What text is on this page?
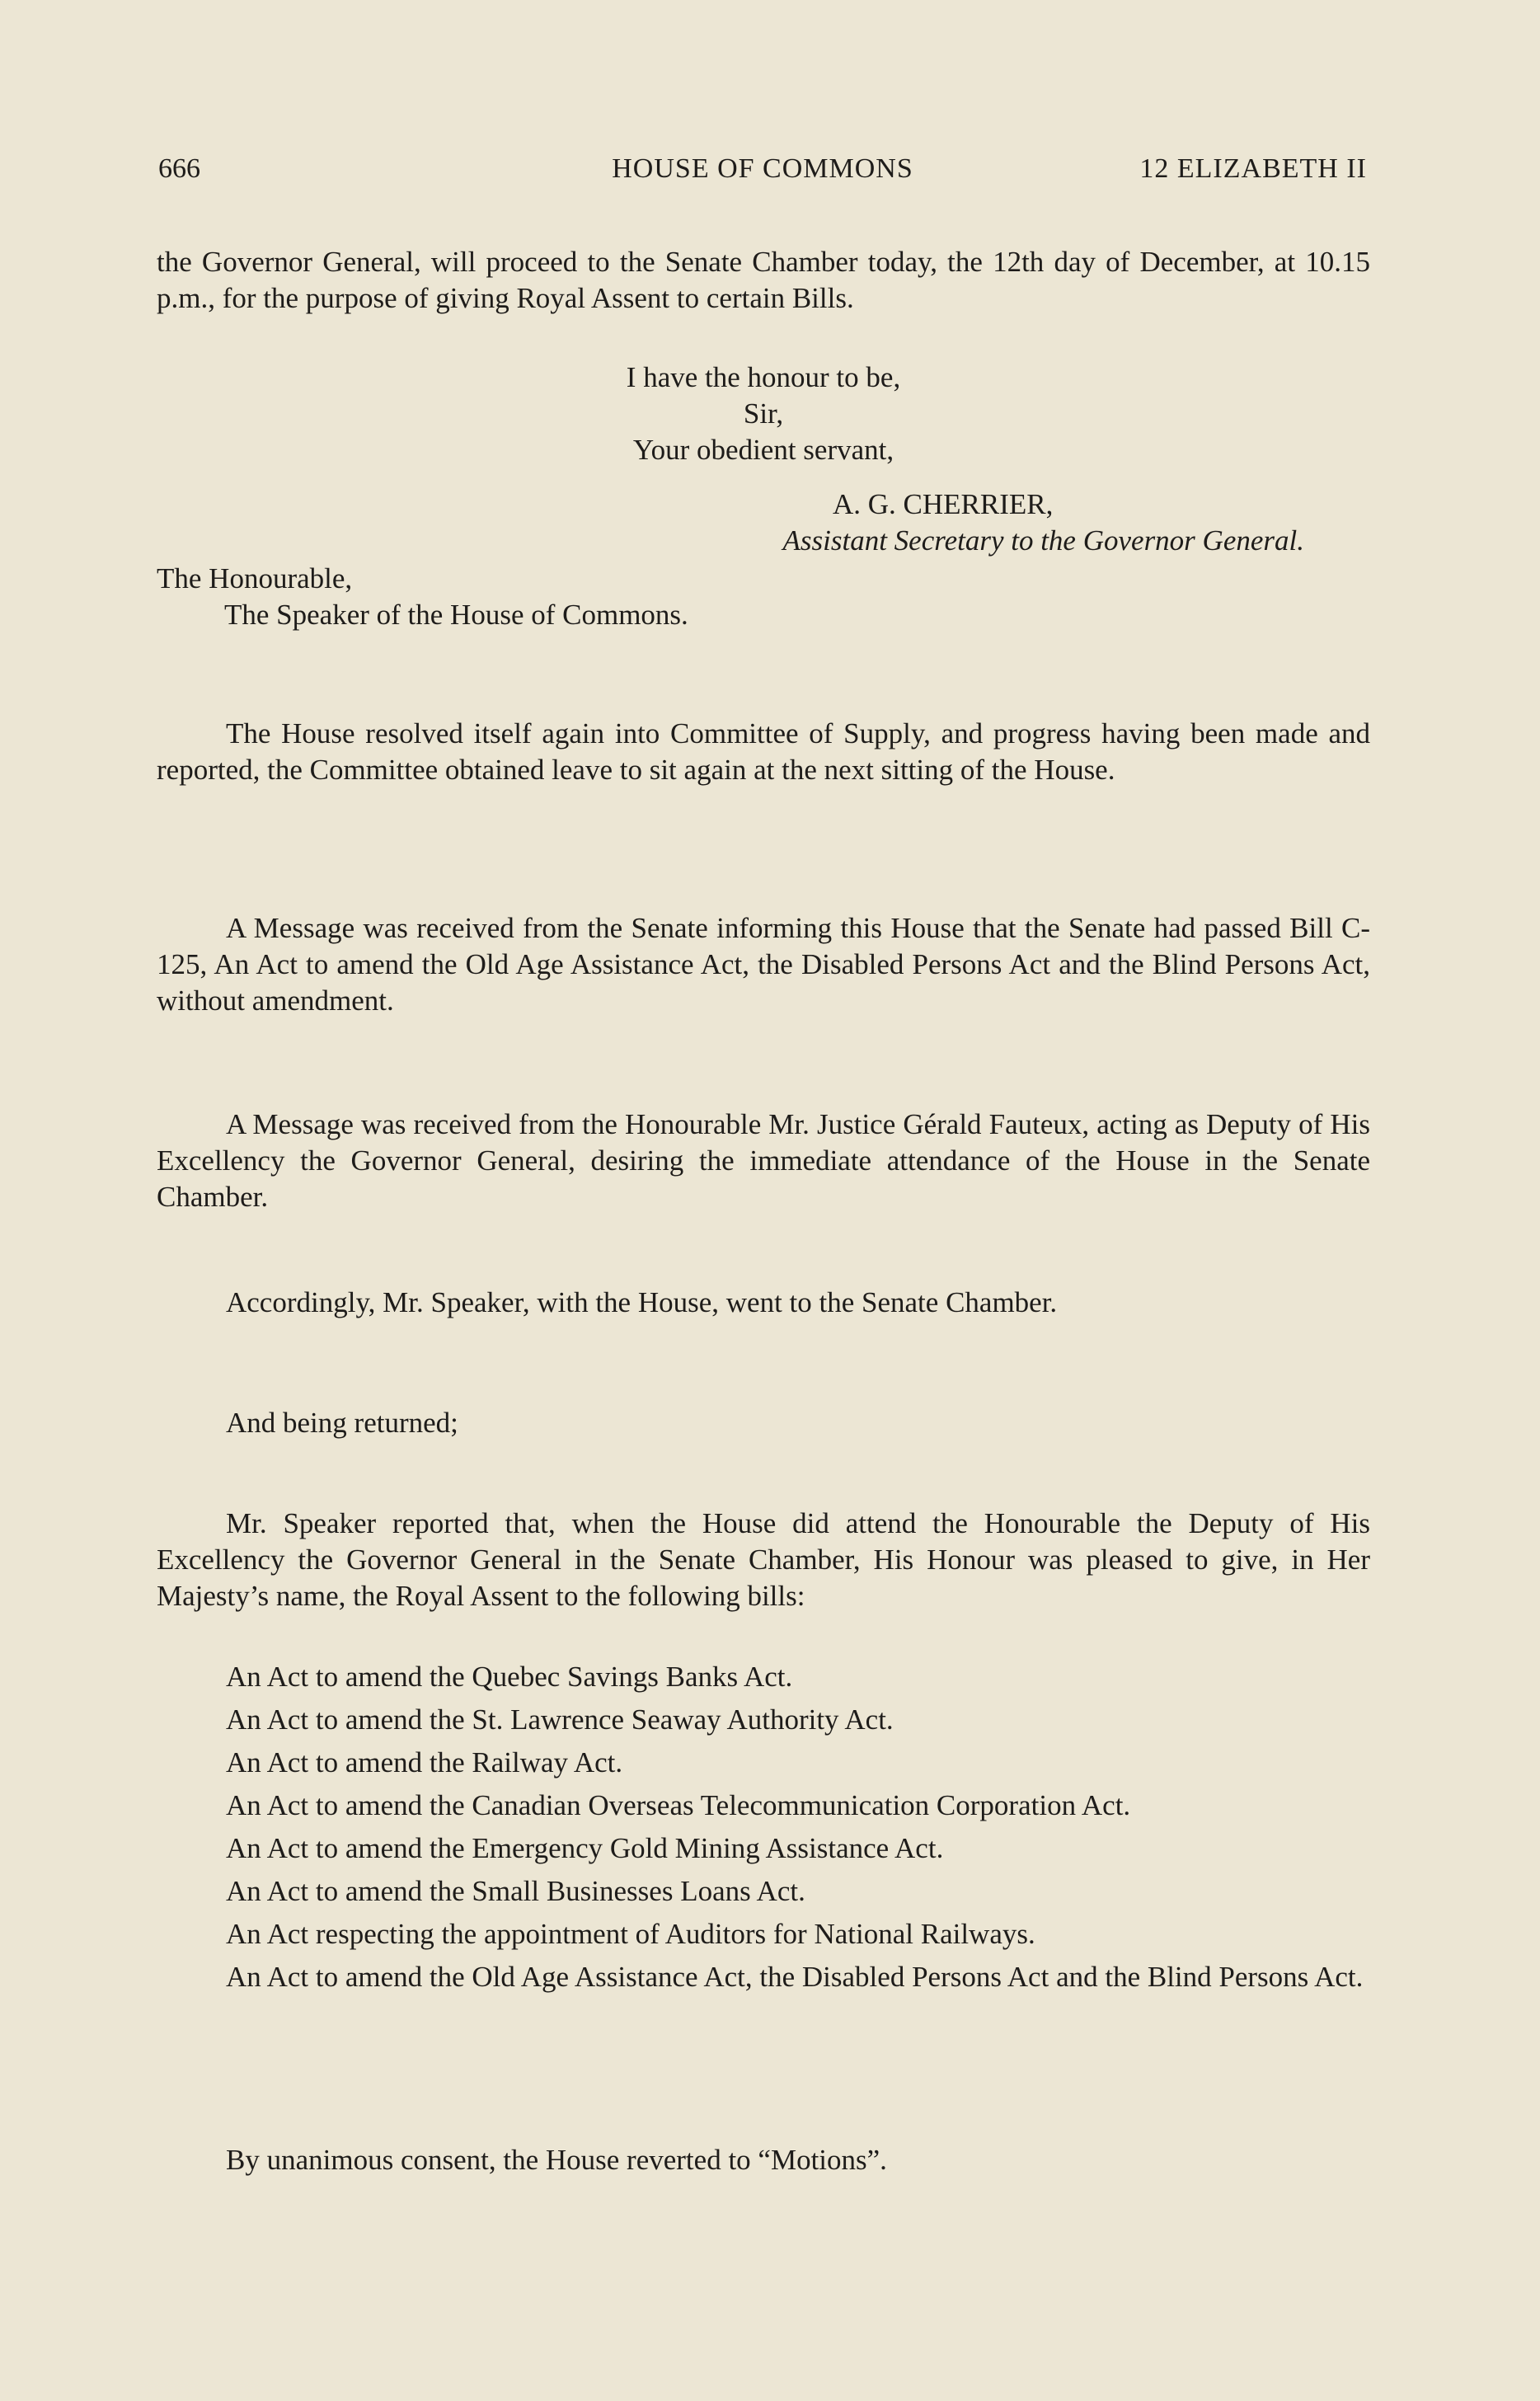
666	HOUSE OF COMMONS	12 ELIZABETH II

the Governor General, will proceed to the Senate Chamber today, the 12th day of December, at 10.15 p.m., for the purpose of giving Royal Assent to certain Bills.

I have the honour to be,

Sir,

Your obedient servant,

A. G. CHERRIER,

Assistant Secretary to the Governor General.

The Honourable,

The Speaker of the House of Commons.

The House resolved itself again into Committee of Supply, and progress having been made and reported, the Committee obtained leave to sit again at the next sitting of the House.

A Message was received from the Senate informing this House that the Senate had passed Bill C-125, An Act to amend the Old Age Assistance Act, the Disabled Persons Act and the Blind Persons Act, without amendment.

A Message was received from the Honourable Mr. Justice Gérald Fauteux, acting as Deputy of His Excellency the Governor General, desiring the immediate attendance of the House in the Senate Chamber.

Accordingly, Mr. Speaker, with the House, went to the Senate Chamber.

And being returned;

Mr. Speaker reported that, when the House did attend the Honourable the Deputy of His Excellency the Governor General in the Senate Chamber, His Honour was pleased to give, in Her Majesty’s name, the Royal Assent to the following bills:

An Act to amend the Quebec Savings Banks Act.

An Act to amend the St. Lawrence Seaway Authority Act.

An Act to amend the Railway Act.

An Act to amend the Canadian Overseas Telecommunication Corporation Act.

An Act to amend the Emergency Gold Mining Assistance Act.

An Act to amend the Small Businesses Loans Act.

An Act respecting the appointment of Auditors for National Railways.

An Act to amend the Old Age Assistance Act, the Disabled Persons Act and the Blind Persons Act.

By unanimous consent, the House reverted to “Motions”.
